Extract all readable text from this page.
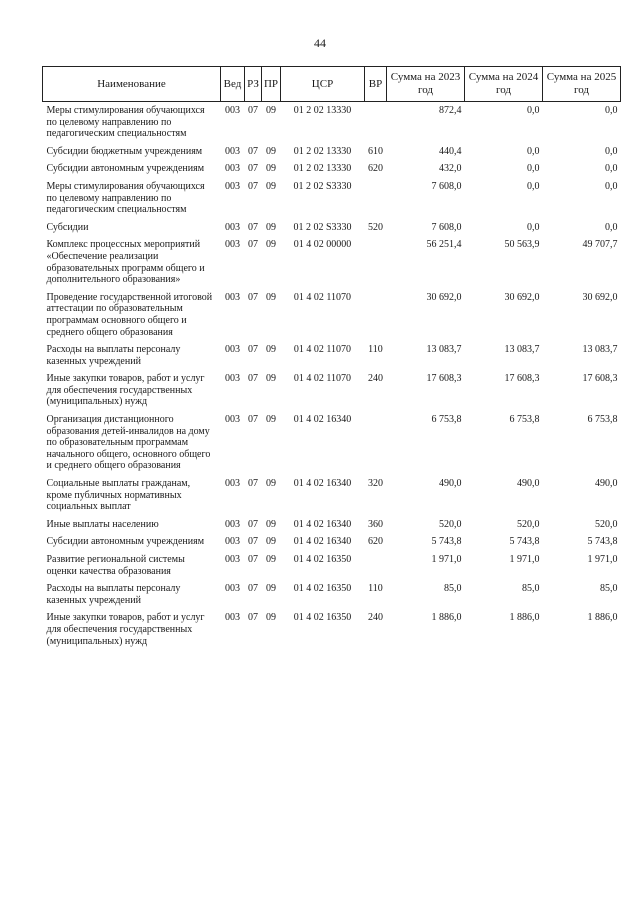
44
Наименование	Вед	РЗ	ПР	ЦСР	ВР	Сумма на 2023 год	Сумма на 2024 год	Сумма на 2025 год
Меры стимулирования обучающихся по целевому направлению по педагогическим специальностям	003	07	09	01 2 02 13330		872,4	0,0	0,0
Субсидии бюджетным учреждениям	003	07	09	01 2 02 13330	610	440,4	0,0	0,0
Субсидии автономным учреждениям	003	07	09	01 2 02 13330	620	432,0	0,0	0,0
Меры стимулирования обучающихся по целевому направлению по педагогическим специальностям	003	07	09	01 2 02 S3330		7 608,0	0,0	0,0
Субсидии	003	07	09	01 2 02 S3330	520	7 608,0	0,0	0,0
Комплекс процессных мероприятий «Обеспечение реализации образовательных программ общего и дополнительного образования»	003	07	09	01 4 02 00000		56 251,4	50 563,9	49 707,7
Проведение государственной итоговой аттестации по образовательным программам основного общего и среднего общего образования	003	07	09	01 4 02 11070		30 692,0	30 692,0	30 692,0
Расходы на выплаты персоналу казенных учреждений	003	07	09	01 4 02 11070	110	13 083,7	13 083,7	13 083,7
Иные закупки товаров, работ и услуг для обеспечения государственных (муниципальных) нужд	003	07	09	01 4 02 11070	240	17 608,3	17 608,3	17 608,3
Организация дистанционного образования детей-инвалидов на дому по образовательным программам начального общего, основного общего и среднего общего образования	003	07	09	01 4 02 16340		6 753,8	6 753,8	6 753,8
Социальные выплаты гражданам, кроме публичных нормативных социальных выплат	003	07	09	01 4 02 16340	320	490,0	490,0	490,0
Иные выплаты населению	003	07	09	01 4 02 16340	360	520,0	520,0	520,0
Субсидии автономным учреждениям	003	07	09	01 4 02 16340	620	5 743,8	5 743,8	5 743,8
Развитие региональной системы оценки качества образования	003	07	09	01 4 02 16350		1 971,0	1 971,0	1 971,0
Расходы на выплаты персоналу казенных учреждений	003	07	09	01 4 02 16350	110	85,0	85,0	85,0
Иные закупки товаров, работ и услуг для обеспечения государственных (муниципальных) нужд	003	07	09	01 4 02 16350	240	1 886,0	1 886,0	1 886,0
